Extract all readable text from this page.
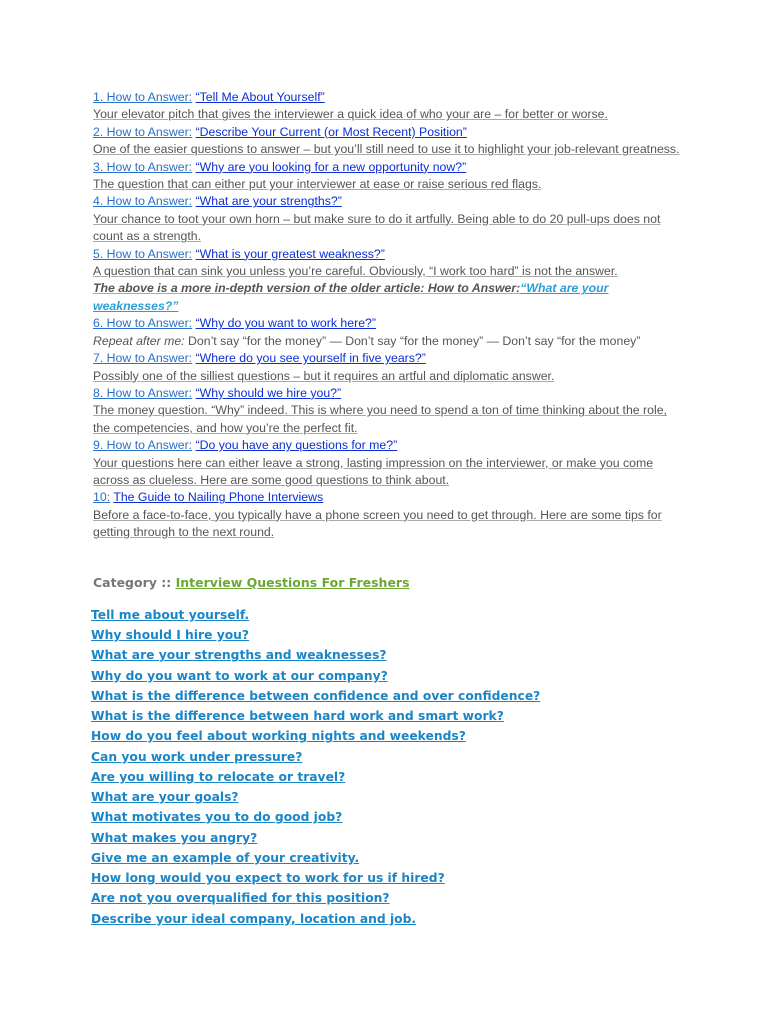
1. How to Answer: “Tell Me About Yourself”
Your elevator pitch that gives the interviewer a quick idea of who your are – for better or worse.
2. How to Answer: “Describe Your Current (or Most Recent) Position”
One of the easier questions to answer – but you’ll still need to use it to highlight your job-relevant greatness.
3. How to Answer: “Why are you looking for a new opportunity now?”
The question that can either put your interviewer at ease or raise serious red flags.
4. How to Answer: “What are your strengths?”
Your chance to toot your own horn – but make sure to do it artfully. Being able to do 20 pull-ups does not count as a strength.
5. How to Answer: “What is your greatest weakness?”
A question that can sink you unless you’re careful. Obviously, “I work too hard” is not the answer.
The above is a more in-depth version of the older article: How to Answer:“What are your weaknesses?”
6. How to Answer: “Why do you want to work here?”
Repeat after me: Don’t say “for the money” — Don’t say “for the money” — Don’t say “for the money”
7. How to Answer: “Where do you see yourself in five years?”
Possibly one of the silliest questions – but it requires an artful and diplomatic answer.
8. How to Answer: “Why should we hire you?”
The money question. “Why” indeed. This is where you need to spend a ton of time thinking about the role, the competencies, and how you’re the perfect fit.
9. How to Answer: “Do you have any questions for me?”
Your questions here can either leave a strong, lasting impression on the interviewer, or make you come across as clueless. Here are some good questions to think about.
10: The Guide to Nailing Phone Interviews
Before a face-to-face, you typically have a phone screen you need to get through. Here are some tips for getting through to the next round.
Category :: Interview Questions For Freshers
Tell me about yourself.
Why should I hire you?
What are your strengths and weaknesses?
Why do you want to work at our company?
What is the difference between confidence and over confidence?
What is the difference between hard work and smart work?
How do you feel about working nights and weekends?
Can you work under pressure?
Are you willing to relocate or travel?
What are your goals?
What motivates you to do good job?
What makes you angry?
Give me an example of your creativity.
How long would you expect to work for us if hired?
Are not you overqualified for this position?
Describe your ideal company, location and job.
